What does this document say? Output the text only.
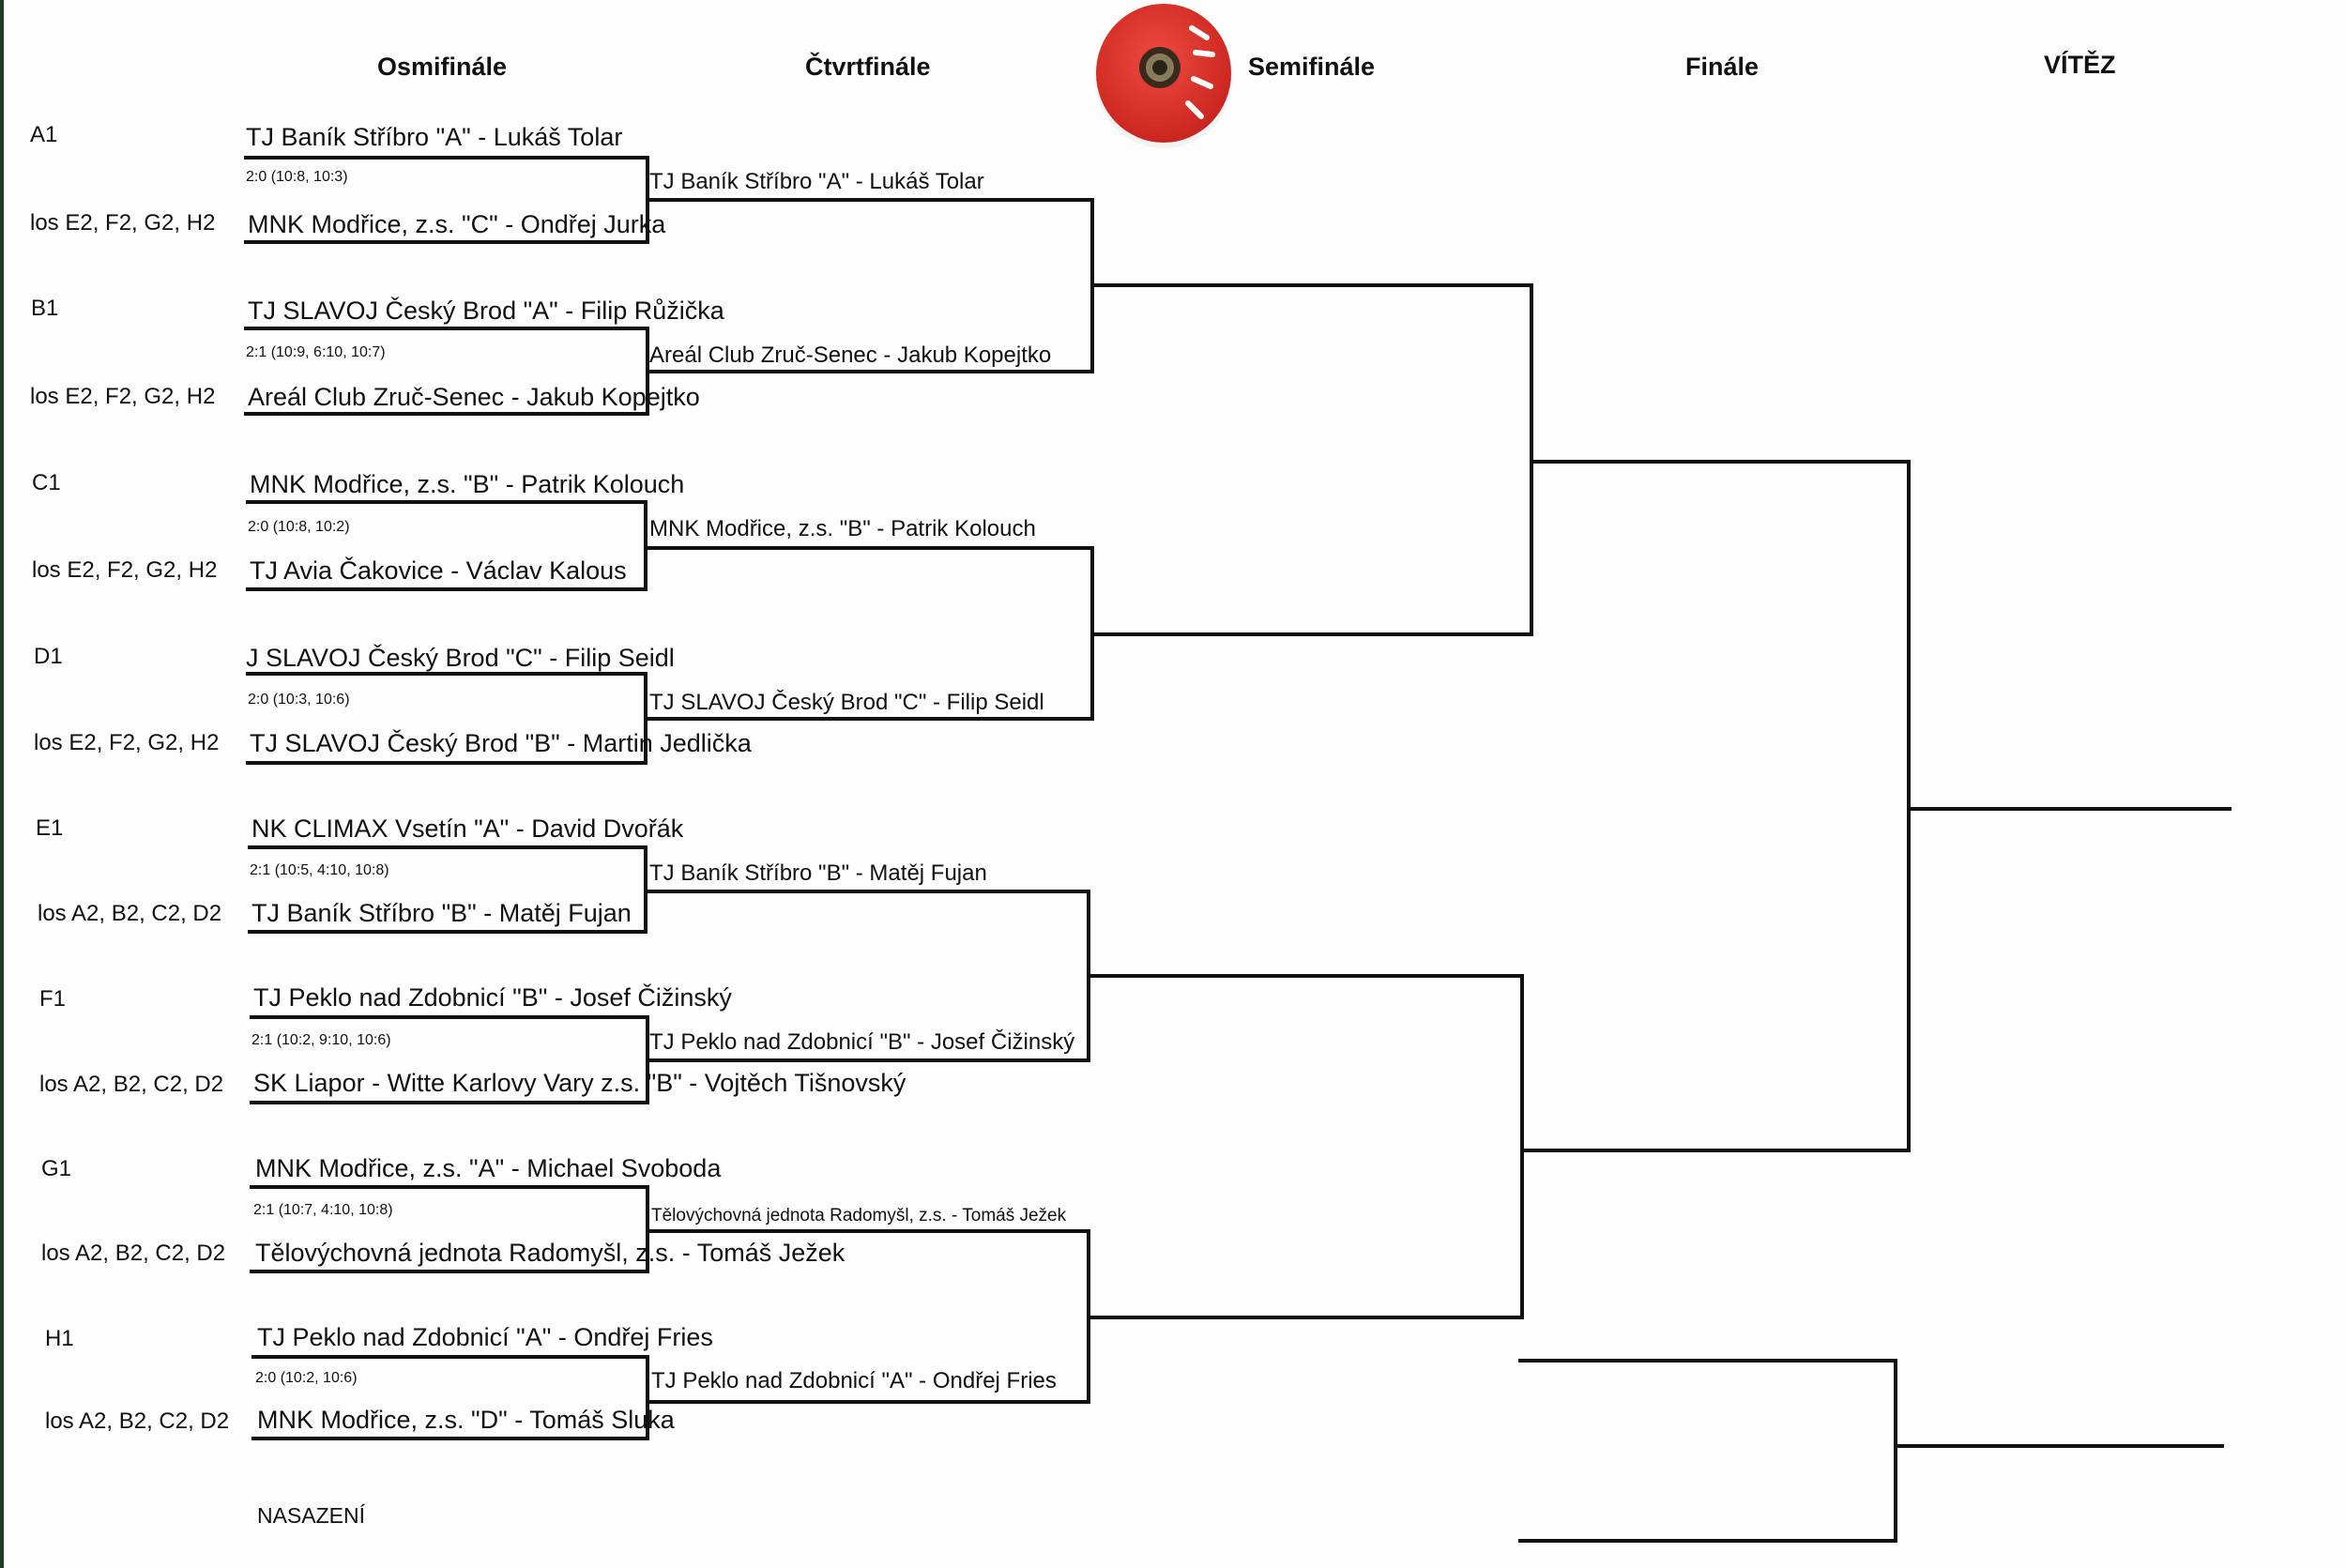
Osmifinále	Čtvrtfinále	Semifinále	Finále	VÍTĚZ
A1
los E2, F2, G2, H2
TJ Baník Stříbro "A" - Lukáš Tolar
2:0 (10:8, 10:3)
MNK Modřice, z.s. "C" - Ondřej Jurka
TJ Baník Stříbro "A" - Lukáš Tolar
B1
los E2, F2, G2, H2
TJ SLAVOJ Český Brod "A" - Filip Růžička
2:1 (10:9, 6:10, 10:7)
Areál Club Zruč-Senec - Jakub Kopejtko
Areál Club Zruč-Senec - Jakub Kopejtko
C1
los E2, F2, G2, H2
MNK Modřice, z.s. "B" - Patrik Kolouch
2:0 (10:8, 10:2)
TJ Avia Čakovice - Václav Kalous
MNK Modřice, z.s. "B" - Patrik Kolouch
D1
los E2, F2, G2, H2
J SLAVOJ Český Brod "C" - Filip Seidl
2:0 (10:3, 10:6)
TJ SLAVOJ Český Brod "B" - Martin Jedlička
TJ SLAVOJ Český Brod "C" - Filip Seidl
E1
los A2, B2, C2, D2
NK CLIMAX Vsetín "A" - David Dvořák
2:1 (10:5, 4:10, 10:8)
TJ Baník Stříbro "B" - Matěj Fujan
TJ Baník Stříbro "B" - Matěj Fujan
F1
los A2, B2, C2, D2
TJ Peklo nad Zdobnicí "B" - Josef Čižinský
2:1 (10:2, 9:10, 10:6)
SK Liapor - Witte Karlovy Vary z.s. "B" - Vojtěch Tišnovský
TJ Peklo nad Zdobnicí "B" - Josef Čižinský
G1
los A2, B2, C2, D2
MNK Modřice, z.s. "A" - Michael Svoboda
2:1 (10:7, 4:10, 10:8)
Tělovýchovná jednota Radomyšl, z.s. - Tomáš Ježek
Tělovýchovná jednota Radomyšl, z.s. - Tomáš Ježek
H1
los A2, B2, C2, D2
TJ Peklo nad Zdobnicí "A" - Ondřej Fries
2:0 (10:2, 10:6)
MNK Modřice, z.s. "D" - Tomáš Sluka
TJ Peklo nad Zdobnicí "A" - Ondřej Fries
NASAZENÍ
